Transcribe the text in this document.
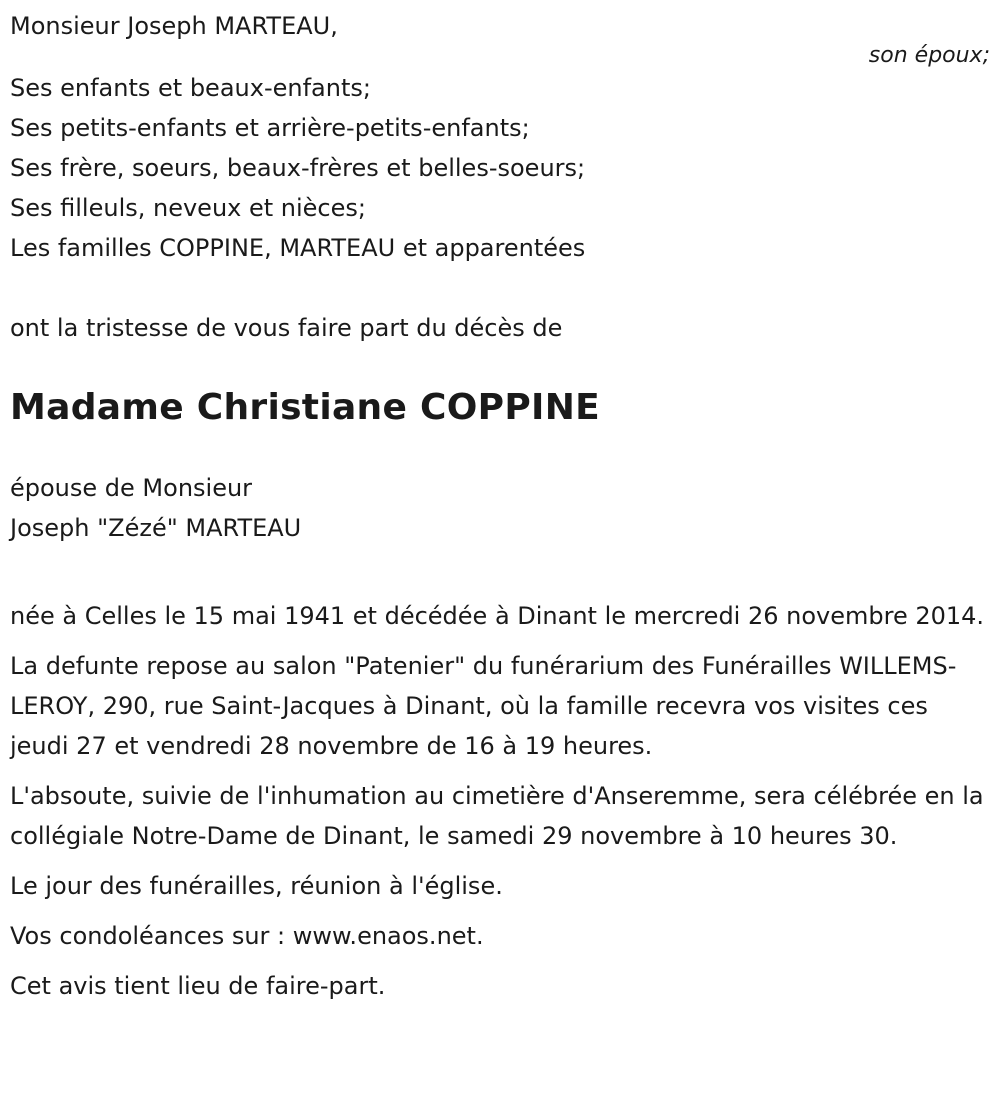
Monsieur Joseph MARTEAU,
son époux;
Ses enfants et beaux-enfants;
Ses petits-enfants et arrière-petits-enfants;
Ses frère, soeurs, beaux-frères et belles-soeurs;
Ses filleuls, neveux et nièces;
Les familles COPPINE, MARTEAU et apparentées
ont la tristesse de vous faire part du décès de
Madame Christiane COPPINE
épouse de Monsieur
Joseph "Zézé" MARTEAU
née à Celles le 15 mai 1941 et décédée à Dinant le mercredi 26 novembre 2014.
La defunte repose au salon "Patenier" du funérarium des Funérailles WILLEMS-LEROY, 290, rue Saint-Jacques à Dinant, où la famille recevra vos visites ces jeudi 27 et vendredi 28 novembre de 16 à 19 heures.
L'absoute, suivie de l'inhumation au cimetière d'Anseremme, sera célébrée en la collégiale Notre-Dame de Dinant, le samedi 29 novembre à 10 heures 30.
Le jour des funérailles, réunion à l'église.
Vos condoléances sur : www.enaos.net.
Cet avis tient lieu de faire-part.
